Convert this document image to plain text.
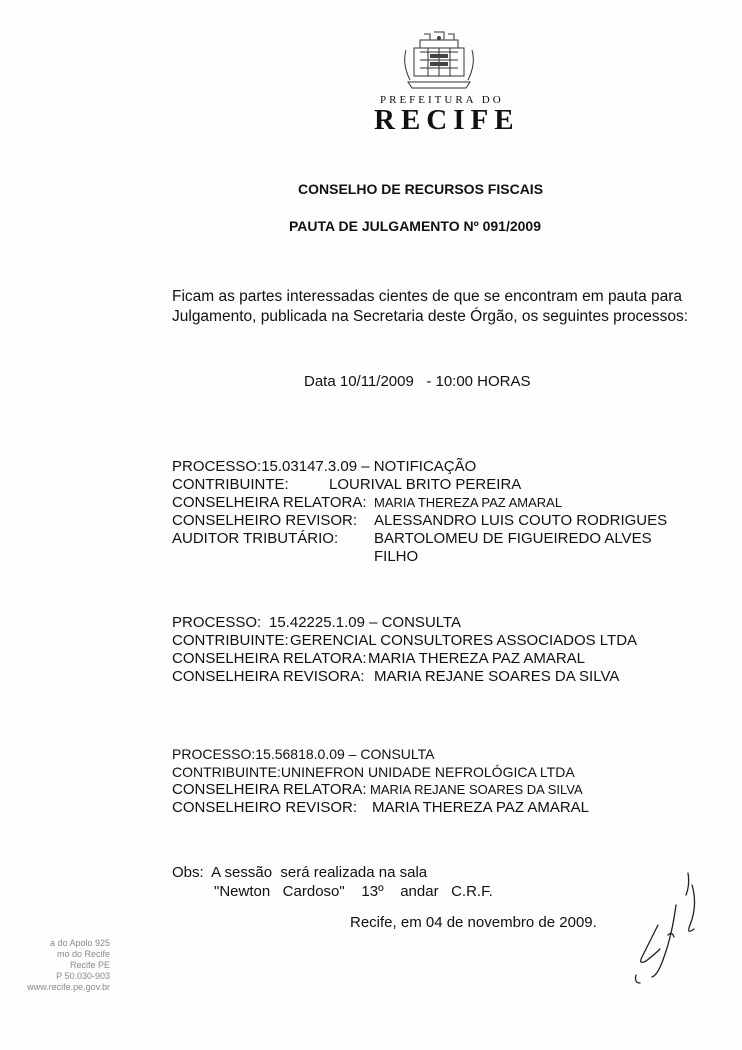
PREFEITURA DO
RECIFE
CONSELHO DE RECURSOS FISCAIS
PAUTA DE JULGAMENTO Nº 091/2009
Ficam as partes interessadas cientes de que se encontram em pauta para Julgamento, publicada na Secretaria deste Órgão, os seguintes processos:
Data 10/11/2009   - 10:00 HORAS
PROCESSO: 15.03147.3.09 – NOTIFICAÇÃO
CONTRIBUINTE:	LOURIVAL BRITO PEREIRA
CONSELHEIRA RELATORA: MARIA THEREZA PAZ AMARAL
CONSELHEIRO REVISOR:	ALESSANDRO LUIS COUTO RODRIGUES
AUDITOR TRIBUTÁRIO:	BARTOLOMEU DE FIGUEIREDO ALVES
FILHO
PROCESSO: 15.42225.1.09 – CONSULTA
CONTRIBUINTE: GERENCIAL CONSULTORES ASSOCIADOS LTDA
CONSELHEIRA RELATORA: MARIA THEREZA PAZ AMARAL
CONSELHEIRA REVISORA: MARIA REJANE SOARES DA SILVA
PROCESSO: 15.56818.0.09 – CONSULTA
CONTRIBUINTE: UNINEFRON UNIDADE NEFROLÓGICA LTDA
CONSELHEIRA RELATORA: MARIA REJANE SOARES DA SILVA
CONSELHEIRO REVISOR: MARIA THEREZA PAZ AMARAL
Obs:  A sessão  será realizada na sala
"Newton   Cardoso"    13º    andar   C.R.F.
Recife, em 04 de novembro de 2009.
a do Apolo 925
mo do Recife
Recife PE
P 50.030-903
www.recife.pe.gov.br
